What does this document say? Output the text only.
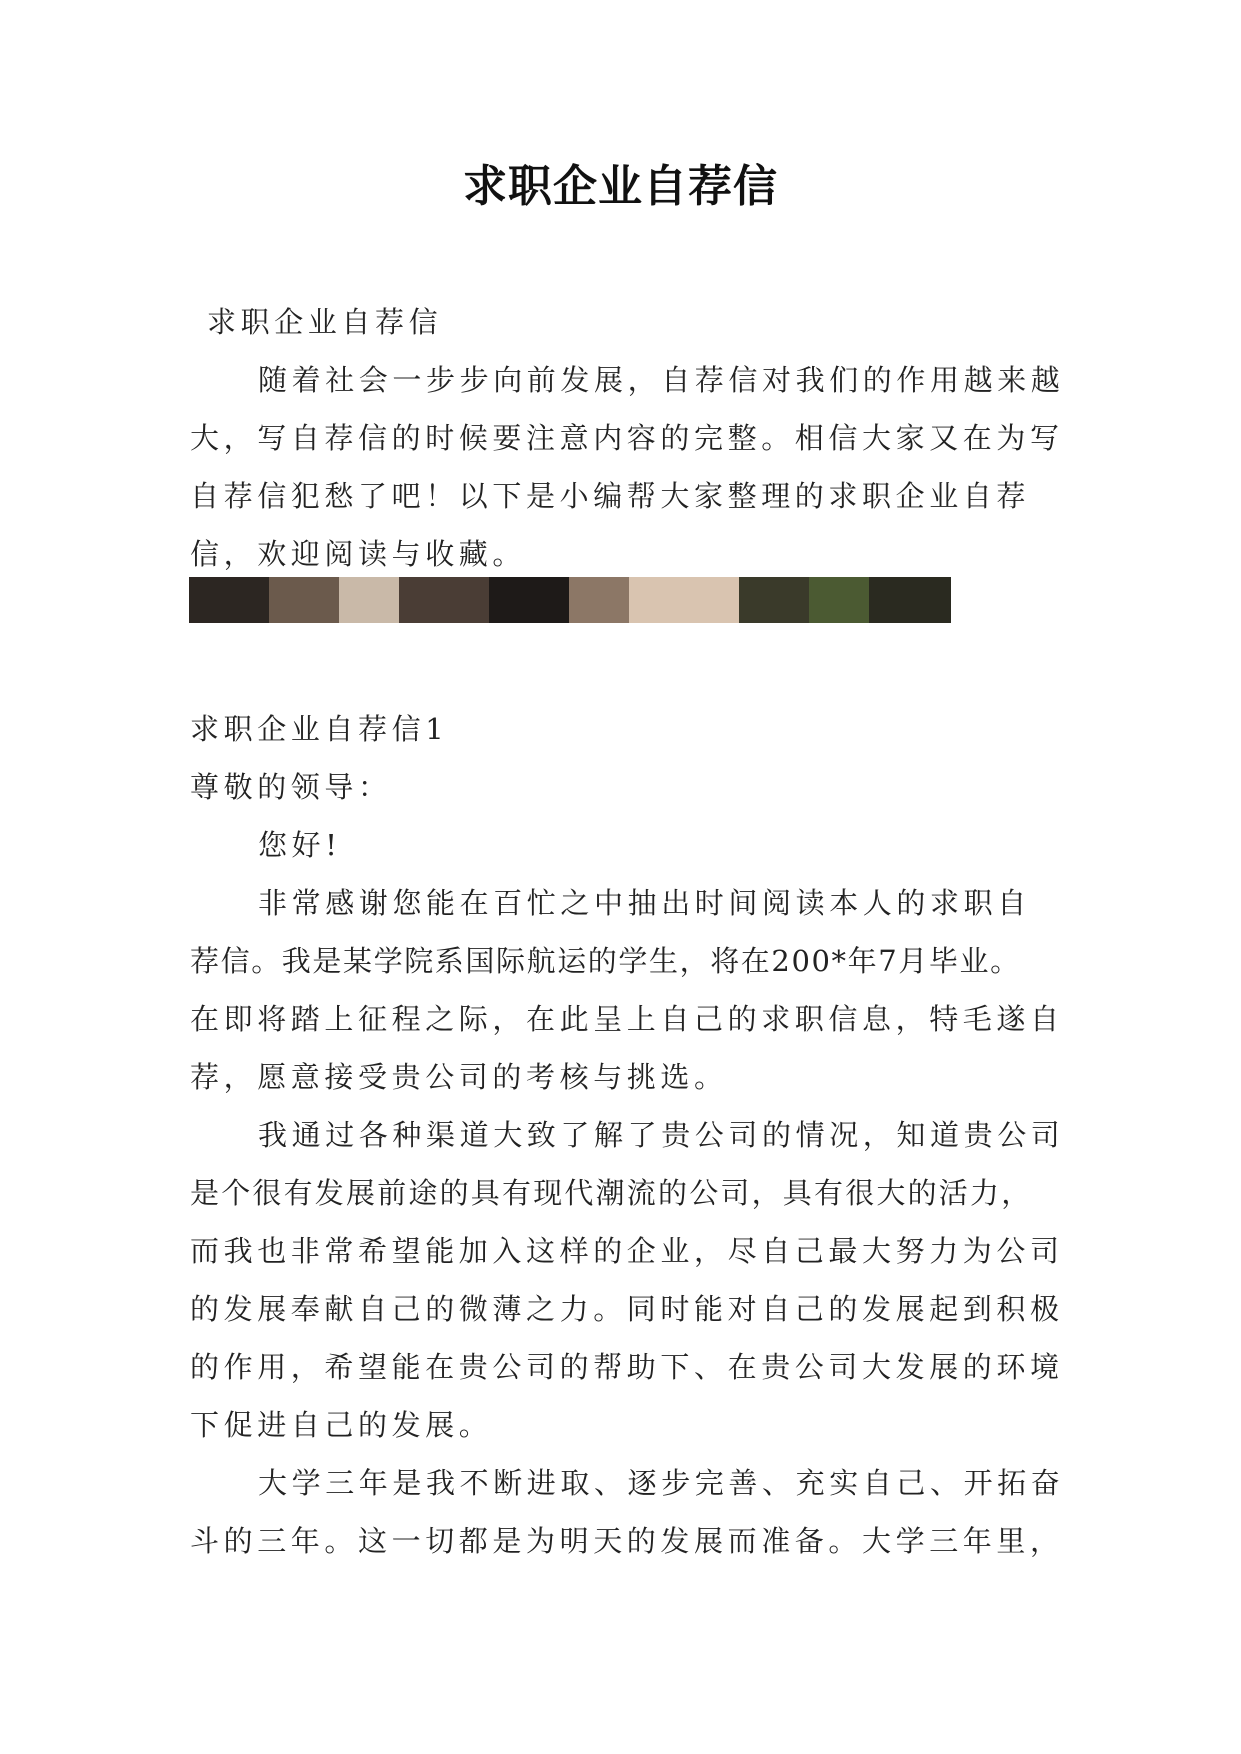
求职企业自荐信
求职企业自荐信
随着社会一步步向前发展，自荐信对我们的作用越来越
大，写自荐信的时候要注意内容的完整。相信大家又在为写
自荐信犯愁了吧！以下是小编帮大家整理的求职企业自荐
信，欢迎阅读与收藏。
求职企业自荐信1
尊敬的领导：
您好!
非常感谢您能在百忙之中抽出时间阅读本人的求职自
荐信。我是某学院系国际航运的学生，将在200*年7月毕业。
在即将踏上征程之际，在此呈上自己的求职信息，特毛遂自
荐，愿意接受贵公司的考核与挑选。
我通过各种渠道大致了解了贵公司的情况，知道贵公司
是个很有发展前途的具有现代潮流的公司，具有很大的活力，
而我也非常希望能加入这样的企业，尽自己最大努力为公司
的发展奉献自己的微薄之力。同时能对自己的发展起到积极
的作用，希望能在贵公司的帮助下、在贵公司大发展的环境
下促进自己的发展。
大学三年是我不断进取、逐步完善、充实自己、开拓奋
斗的三年。这一切都是为明天的发展而准备。大学三年里，
